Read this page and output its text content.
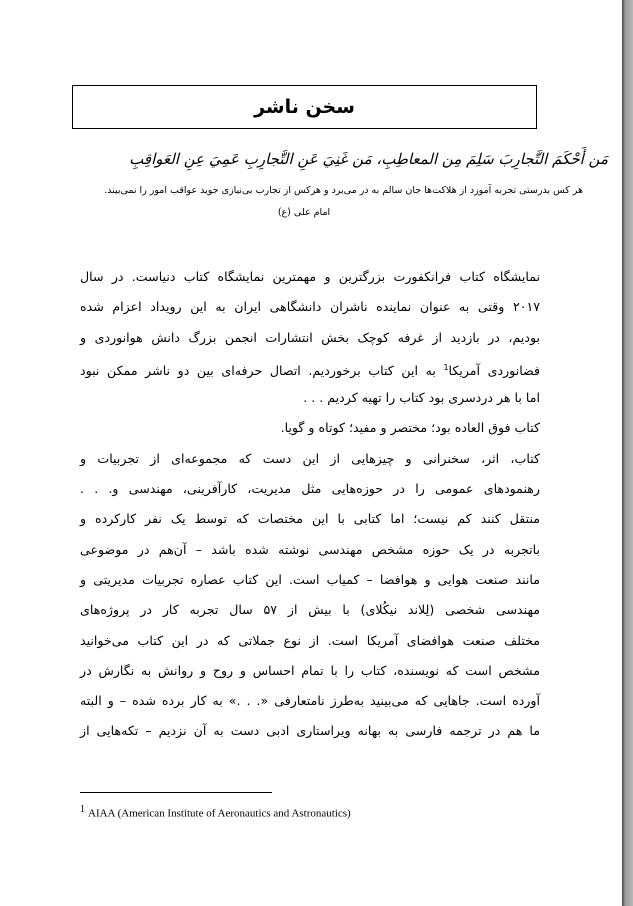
سخن ناشر
مَن أَحْكَمَ التَّجارِبَ سَلِمَ مِن المعاطِبِ، مَن غَنِيَ عَنِ التَّجارِبِ عَمِيَ عِنِ العَواقِبِ
هر کس بدرستی تجربه آموزد از هلاکت‌ها جان سالم به در می‌برد و هرکس از تجارب بی‌نیازی جوید عواقب امور را نمی‌بیند.
امام علی (ع)
نمایشگاه کتاب فرانکفورت بزرگترین و مهمترین نمایشگاه کتاب دنیاست. در سال
۲۰۱۷ وقتی به عنوان نماینده ناشران دانشگاهی ایران به این رویداد اعزام شده
بودیم، در بازدید از غرفه کوچک بخش انتشارات انجمن بزرگ دانش هوانوردی و
فضانوردی آمریکا$^1$ به این کتاب برخوردیم. اتصال حرفه‌ای بین دو ناشر ممکن نبود
اما با هر دردسری بود کتاب را تهیه کردیم . . .
کتاب فوق العاده بود؛ مختصر و مفید؛ کوتاه و گویا.
کتاب، اثر، سخنرانی و چیزهایی از این دست که مجموعه‌ای از تجربیات و
رهنمودهای عمومی را در حوزه‌هایی مثل مدیریت، کارآفرینی، مهندسی و. . .
منتقل کنند کم نیست؛ اما کتابی با این مختصات که توسط یک نفر کارکرده و
باتجربه در یک حوزه مشخص مهندسی نوشته شده باشد – آن‌هم در موضوعی
مانند صنعت هوایی و هوافضا – کمیاب است. این کتاب عصاره تجربیات مدیریتی و
مهندسی شخصی (لِلاند نیکُلای) با بیش از ۵۷ سال تجربه کار در پروژه‌های
مختلف صنعت هوافضای آمریکا است. از نوع جملاتی که در این کتاب می‌خوانید
مشخص است که نویسنده، کتاب را با تمام احساس و روح و روانش به نگارش در
آورده است. جاهایی که می‌بینید به‌طرز نامتعارفی «. . .» به کار برده شده – و البته
ما هم در ترجمه فارسی به بهانه ویراستاری ادبی دست به آن نزدیم – تکه‌هایی از
1 AIAA (American Institute of Aeronautics and Astronautics)
